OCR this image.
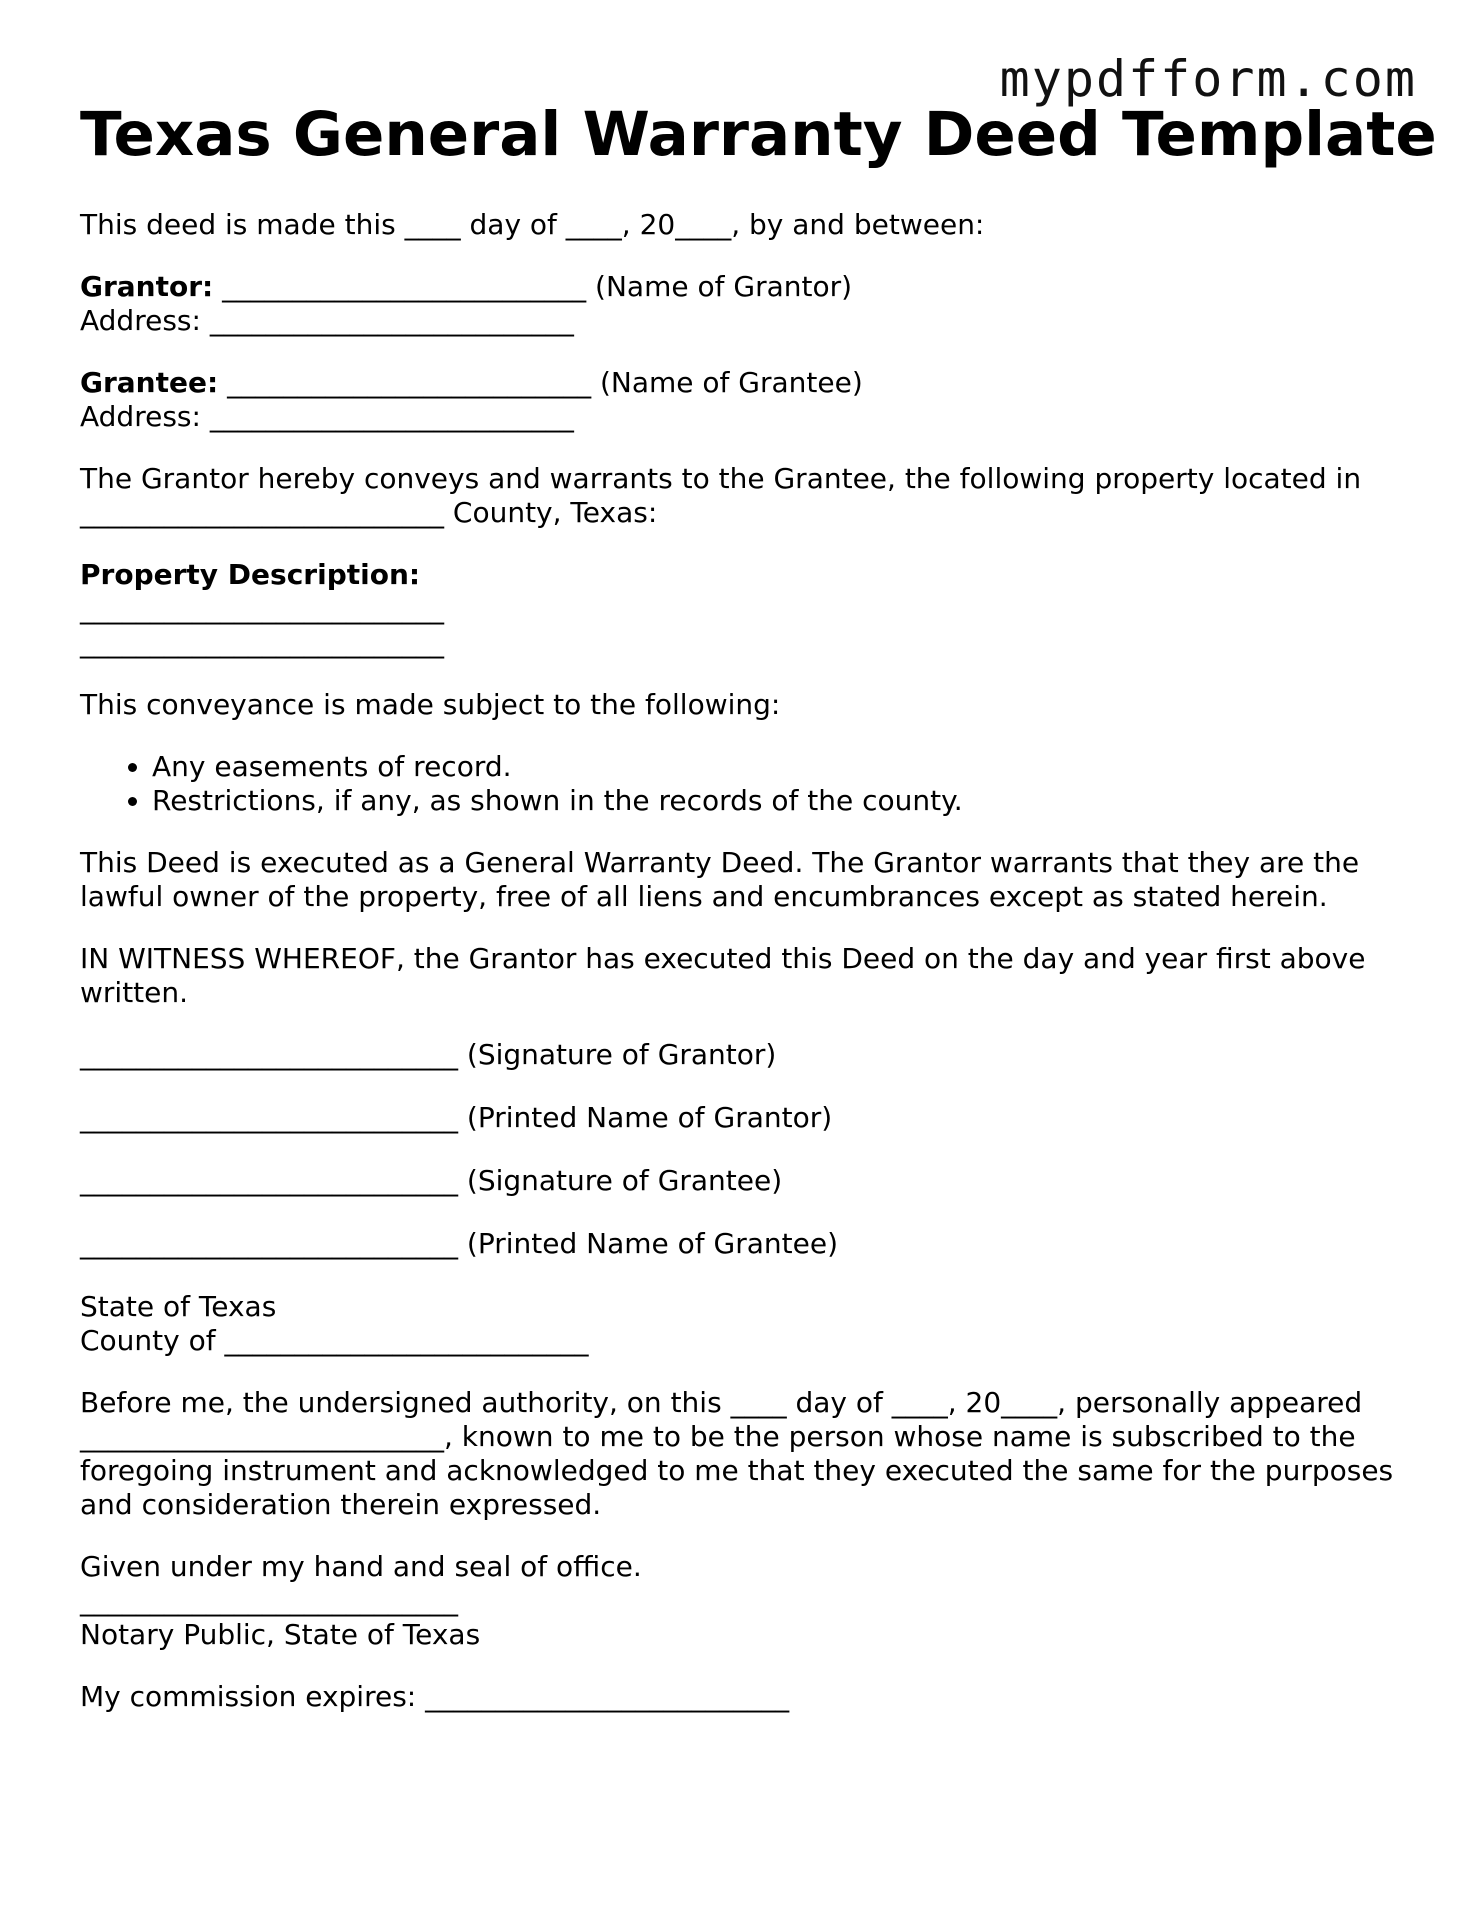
mypdfform.com
Texas General Warranty Deed Template

This deed is made this ____ day of ____, 20____, by and between:

Grantor: __________________________ (Name of Grantor)
Address: __________________________

Grantee: __________________________ (Name of Grantee)
Address: __________________________

The Grantor hereby conveys and warrants to the Grantee, the following property located in __________________________ County, Texas:

Property Description:
__________________________
__________________________

This conveyance is made subject to the following:

• Any easements of record.
• Restrictions, if any, as shown in the records of the county.

This Deed is executed as a General Warranty Deed. The Grantor warrants that they are the lawful owner of the property, free of all liens and encumbrances except as stated herein.

IN WITNESS WHEREOF, the Grantor has executed this Deed on the day and year first above written.

___________________________ (Signature of Grantor)

___________________________ (Printed Name of Grantor)

___________________________ (Signature of Grantee)

___________________________ (Printed Name of Grantee)

State of Texas
County of __________________________

Before me, the undersigned authority, on this ____ day of ____, 20____, personally appeared __________________________, known to me to be the person whose name is subscribed to the foregoing instrument and acknowledged to me that they executed the same for the purposes and consideration therein expressed.

Given under my hand and seal of office.
___________________________
Notary Public, State of Texas

My commission expires: __________________________
